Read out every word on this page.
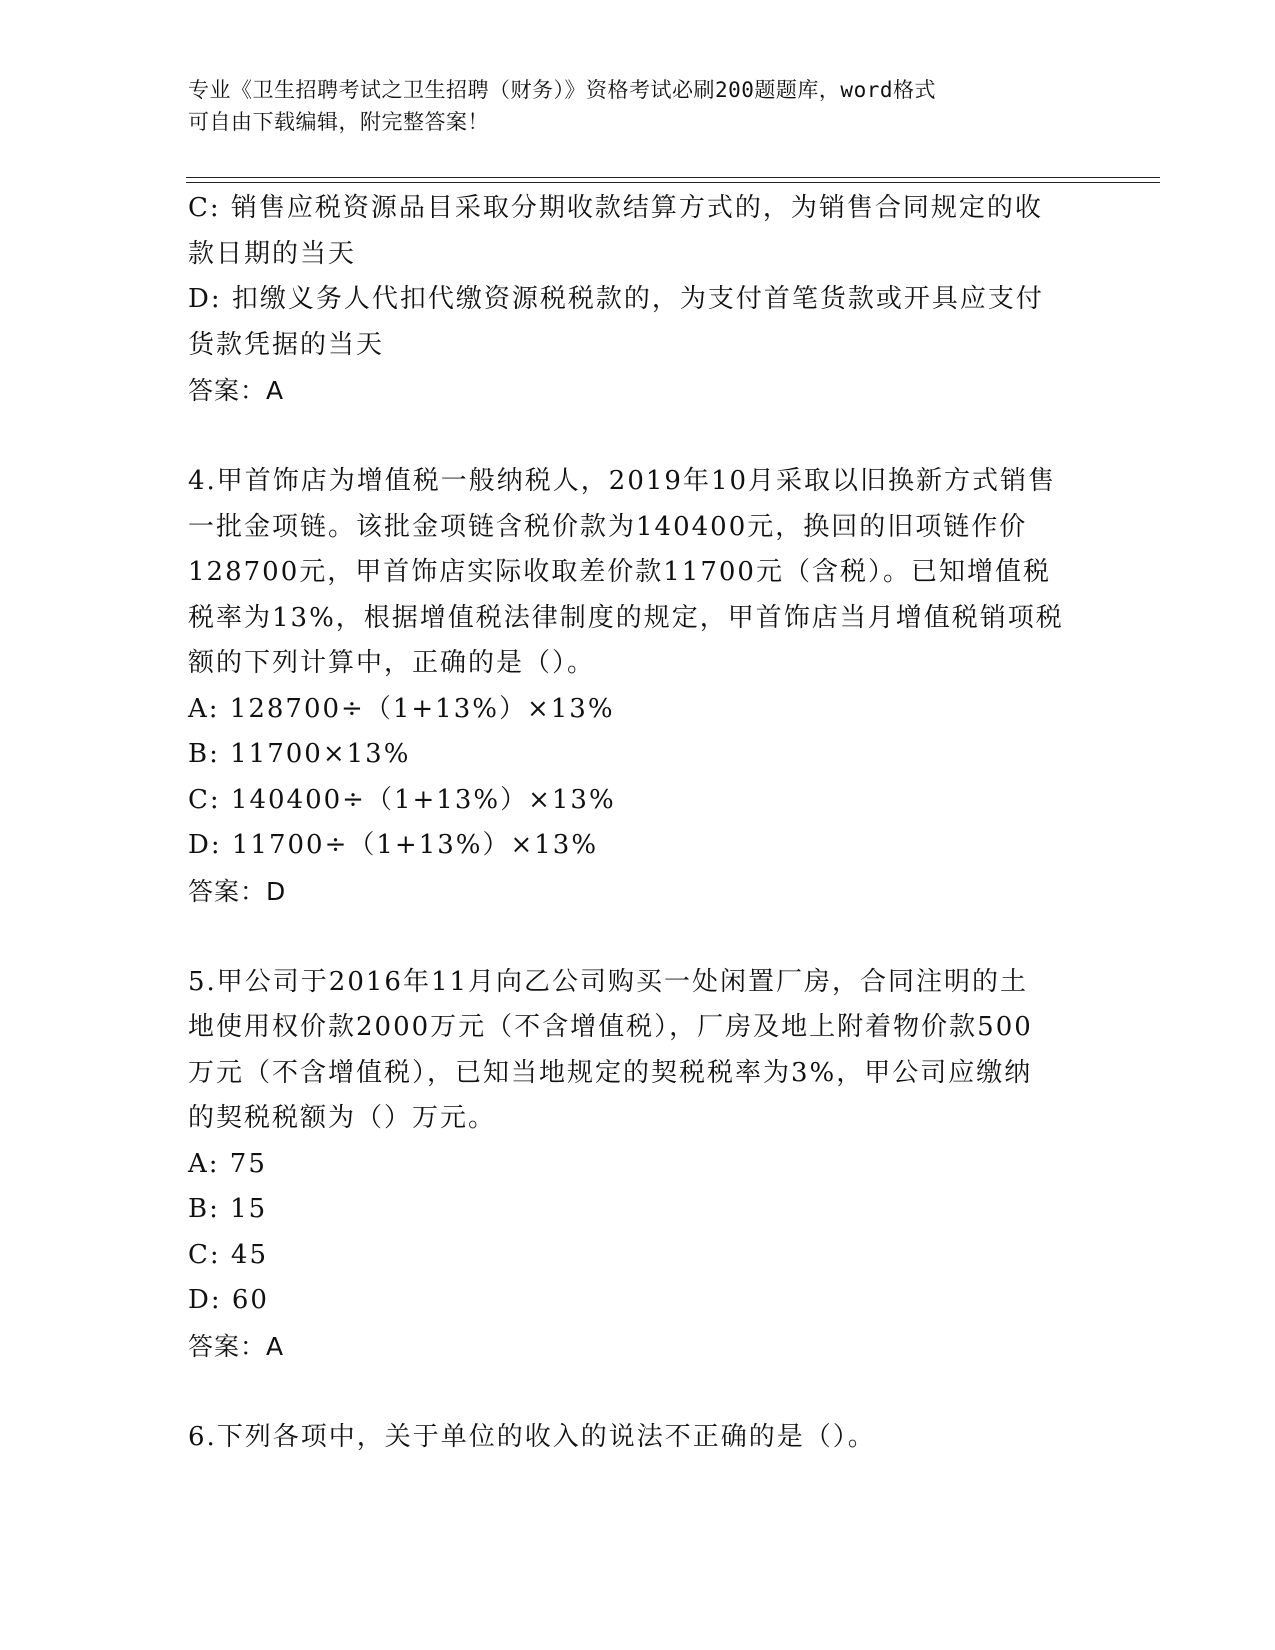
专业《卫生招聘考试之卫生招聘（财务）》资格考试必刷200题题库，word格式
可自由下载编辑，附完整答案！
C: 销售应税资源品目采取分期收款结算方式的，为销售合同规定的收
款日期的当天
D: 扣缴义务人代扣代缴资源税税款的，为支付首笔货款或开具应支付
货款凭据的当天
答案：A
4.甲首饰店为增值税一般纳税人，2019年10月采取以旧换新方式销售
一批金项链。该批金项链含税价款为140400元，换回的旧项链作价
128700元，甲首饰店实际收取差价款11700元（含税）。已知增值税
税率为13%，根据增值税法律制度的规定，甲首饰店当月增值税销项税
额的下列计算中，正确的是（）。
A: 128700÷（1+13%）×13%
B: 11700×13%
C: 140400÷（1+13%）×13%
D: 11700÷（1+13%）×13%
答案：D
5.甲公司于2016年11月向乙公司购买一处闲置厂房，合同注明的土
地使用权价款2000万元（不含增值税），厂房及地上附着物价款500
万元（不含增值税），已知当地规定的契税税率为3%，甲公司应缴纳
的契税税额为（）万元。
A: 75
B: 15
C: 45
D: 60
答案：A
6.下列各项中，关于单位的收入的说法不正确的是（）。
